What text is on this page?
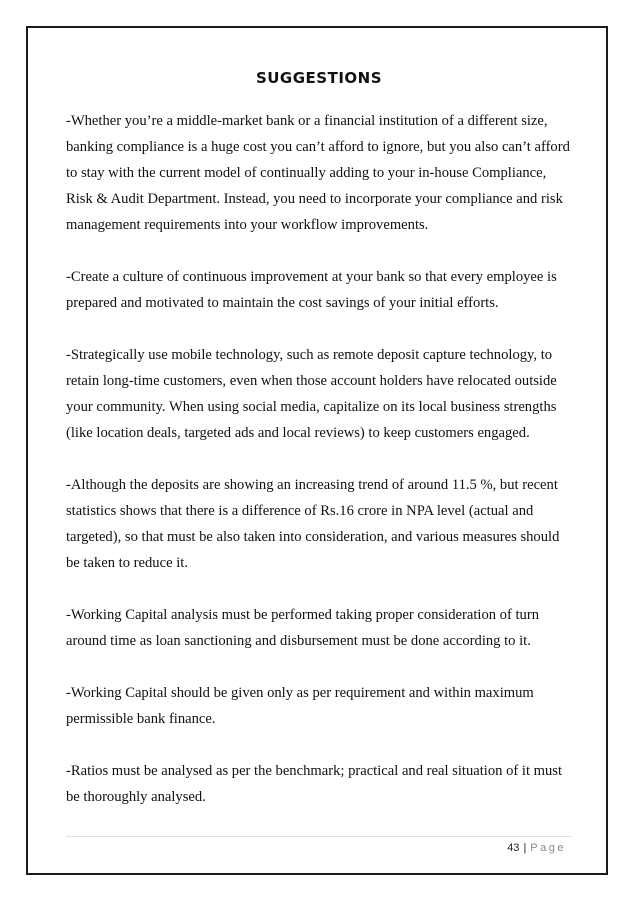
SUGGESTIONS

-Whether you’re a middle-market bank or a financial institution of a different size, banking compliance is a huge cost you can’t afford to ignore, but you also can’t afford to stay with the current model of continually adding to your in-house Compliance, Risk & Audit Department. Instead, you need to incorporate your compliance and risk management requirements into your workflow improvements.

-Create a culture of continuous improvement at your bank so that every employee is prepared and motivated to maintain the cost savings of your initial efforts.

-Strategically use mobile technology, such as remote deposit capture technology, to retain long-time customers, even when those account holders have relocated outside your community. When using social media, capitalize on its local business strengths (like location deals, targeted ads and local reviews) to keep customers engaged.

-Although the deposits are showing an increasing trend of around 11.5 %, but recent statistics shows that there is a difference of Rs.16 crore in NPA level (actual and targeted), so that must be also taken into consideration, and various measures should be taken to reduce it.

-Working Capital analysis must be performed taking proper consideration of turn around time as loan sanctioning and disbursement must be done according to it.

-Working Capital should be given only as per requirement and within maximum permissible bank finance.

-Ratios must be analysed as per the benchmark; practical and real situation of it must be thoroughly analysed.

43 | Page
